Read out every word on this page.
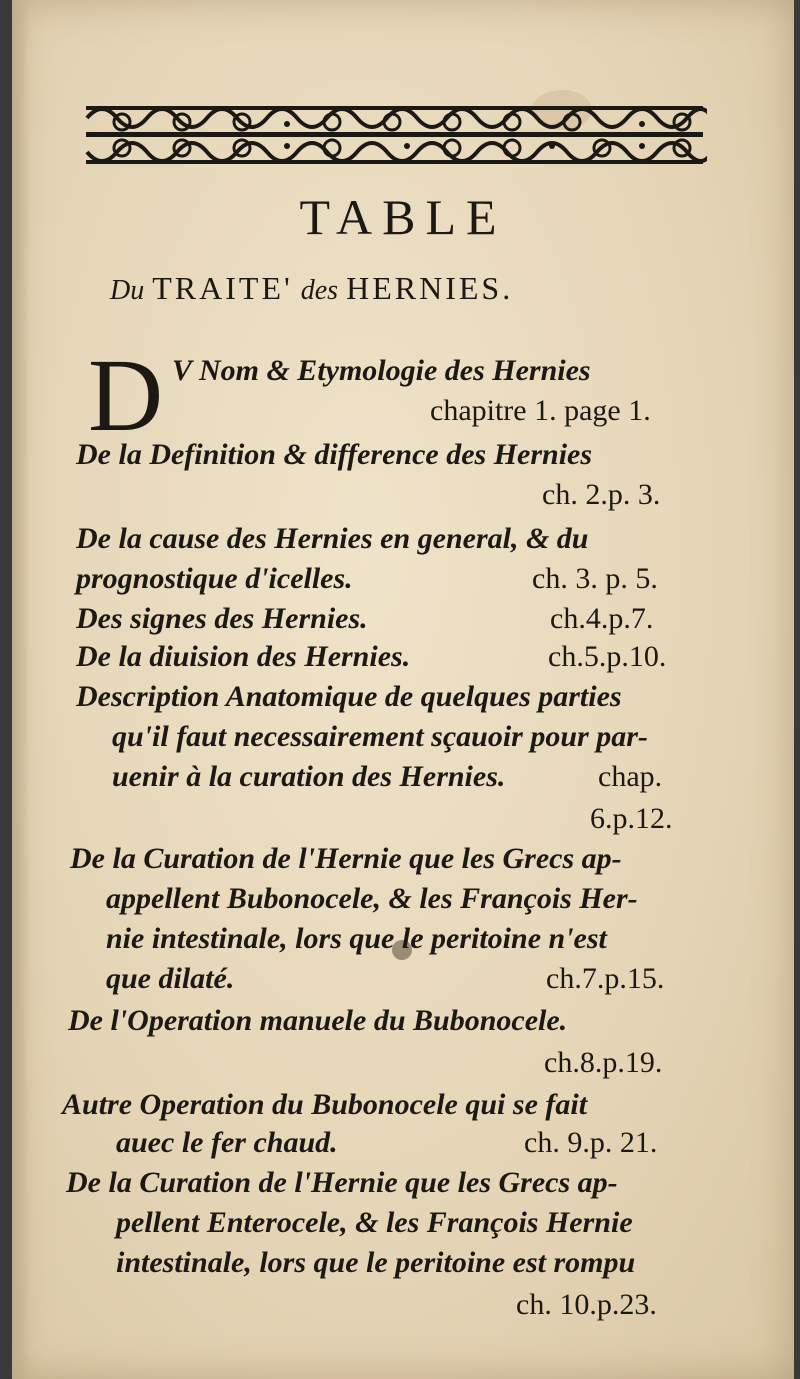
TABLE
Du TRAITE' des HERNIES.
D V Nom & Etymologie des Hernies
chapitre 1. page 1.
De la Definition & difference des Hernies
ch. 2.p. 3.
De la cause des Hernies en general, & du
prognostique d'icelles.	ch. 3. p. 5.
Des signes des Hernies.	ch.4.p.7.
De la diuision des Hernies.	ch.5.p.10.
Description Anatomique de quelques parties
qu'il faut necessairement sçauoir pour par-
uenir à la curation des Hernies.	chap.
6.p.12.
De la Curation de l'Hernie que les Grecs ap-
appellent Bubonocele, & les François Her-
nie intestinale, lors que le peritoine n'est
que dilaté.	ch.7.p.15.
De l'Operation manuele du Bubonocele.
ch.8.p.19.
Autre Operation du Bubonocele qui se fait
auec le fer chaud.	ch. 9.p. 21.
De la Curation de l'Hernie que les Grecs ap-
pellent Enterocele, & les François Hernie
intestinale, lors que le peritoine est rompu
ch. 10.p.23.
